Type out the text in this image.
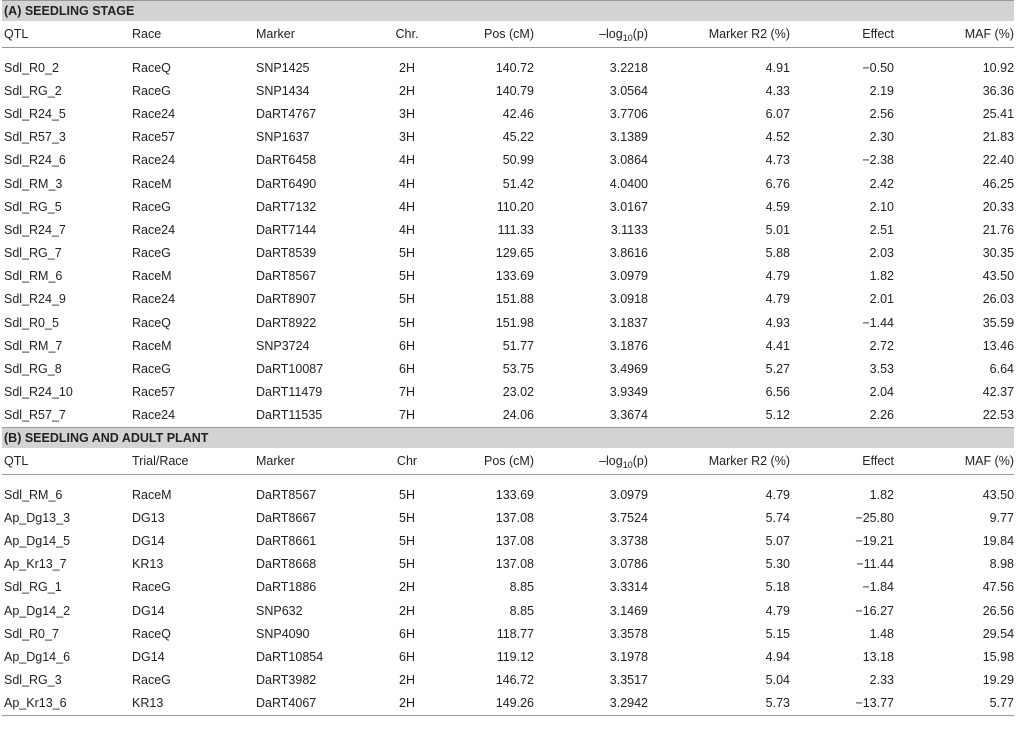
(A) SEEDLING STAGE								
QTL	Race	Marker	Chr.	Pos (cM)	$-\log_{10}(p)$	Marker R2 (%)	Effect	MAF (%)

Sdl_R0_2	RaceQ	SNP1425	2H	140.72	3.2218	4.91	−0.50	10.92
Sdl_RG_2	RaceG	SNP1434	2H	140.79	3.0564	4.33	2.19	36.36
Sdl_R24_5	Race24	DaRT4767	3H	42.46	3.7706	6.07	2.56	25.41
Sdl_R57_3	Race57	SNP1637	3H	45.22	3.1389	4.52	2.30	21.83
Sdl_R24_6	Race24	DaRT6458	4H	50.99	3.0864	4.73	−2.38	22.40
Sdl_RM_3	RaceM	DaRT6490	4H	51.42	4.0400	6.76	2.42	46.25
Sdl_RG_5	RaceG	DaRT7132	4H	110.20	3.0167	4.59	2.10	20.33
Sdl_R24_7	Race24	DaRT7144	4H	111.33	3.1133	5.01	2.51	21.76
Sdl_RG_7	RaceG	DaRT8539	5H	129.65	3.8616	5.88	2.03	30.35
Sdl_RM_6	RaceM	DaRT8567	5H	133.69	3.0979	4.79	1.82	43.50
Sdl_R24_9	Race24	DaRT8907	5H	151.88	3.0918	4.79	2.01	26.03
Sdl_R0_5	RaceQ	DaRT8922	5H	151.98	3.1837	4.93	−1.44	35.59
Sdl_RM_7	RaceM	SNP3724	6H	51.77	3.1876	4.41	2.72	13.46
Sdl_RG_8	RaceG	DaRT10087	6H	53.75	3.4969	5.27	3.53	6.64
Sdl_R24_10	Race57	DaRT11479	7H	23.02	3.9349	6.56	2.04	42.37
Sdl_R57_7	Race24	DaRT11535	7H	24.06	3.3674	5.12	2.26	22.53
(B) SEEDLING AND ADULT PLANT								
QTL	Trial/Race	Marker	Chr	Pos (cM)	$-\log_{10}(p)$	Marker R2 (%)	Effect	MAF (%)

Sdl_RM_6	RaceM	DaRT8567	5H	133.69	3.0979	4.79	1.82	43.50
Ap_Dg13_3	DG13	DaRT8667	5H	137.08	3.7524	5.74	−25.80	9.77
Ap_Dg14_5	DG14	DaRT8661	5H	137.08	3.3738	5.07	−19.21	19.84
Ap_Kr13_7	KR13	DaRT8668	5H	137.08	3.0786	5.30	−11.44	8.98
Sdl_RG_1	RaceG	DaRT1886	2H	8.85	3.3314	5.18	−1.84	47.56
Ap_Dg14_2	DG14	SNP632	2H	8.85	3.1469	4.79	−16.27	26.56
Sdl_R0_7	RaceQ	SNP4090	6H	118.77	3.3578	5.15	1.48	29.54
Ap_Dg14_6	DG14	DaRT10854	6H	119.12	3.1978	4.94	13.18	15.98
Sdl_RG_3	RaceG	DaRT3982	2H	146.72	3.3517	5.04	2.33	19.29
Ap_Kr13_6	KR13	DaRT4067	2H	149.26	3.2942	5.73	−13.77	5.77
